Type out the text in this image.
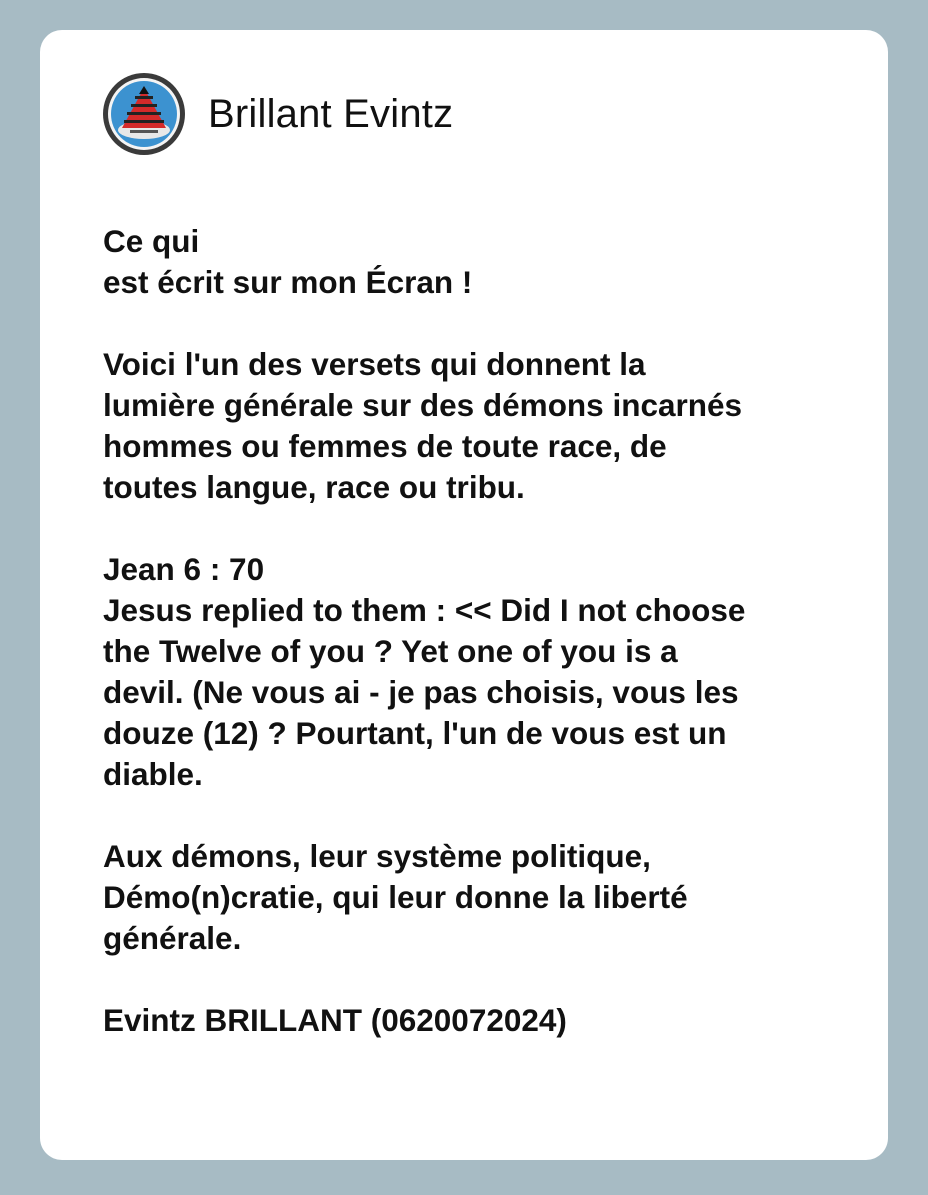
Brillant Evintz

Ce qui
est écrit sur mon Écran !

Voici l'un des versets qui donnent la
lumière générale sur des démons incarnés
hommes ou femmes de toute race, de
toutes langue, race ou tribu.

Jean 6 : 70
Jesus replied to them : << Did I not choose
the Twelve of you ? Yet one of you is a
devil. (Ne vous ai - je pas choisis, vous les
douze (12) ? Pourtant, l'un de vous est un
diable.

Aux démons, leur système politique,
Démo(n)cratie, qui leur donne la liberté
générale.

Evintz BRILLANT (0620072024)
